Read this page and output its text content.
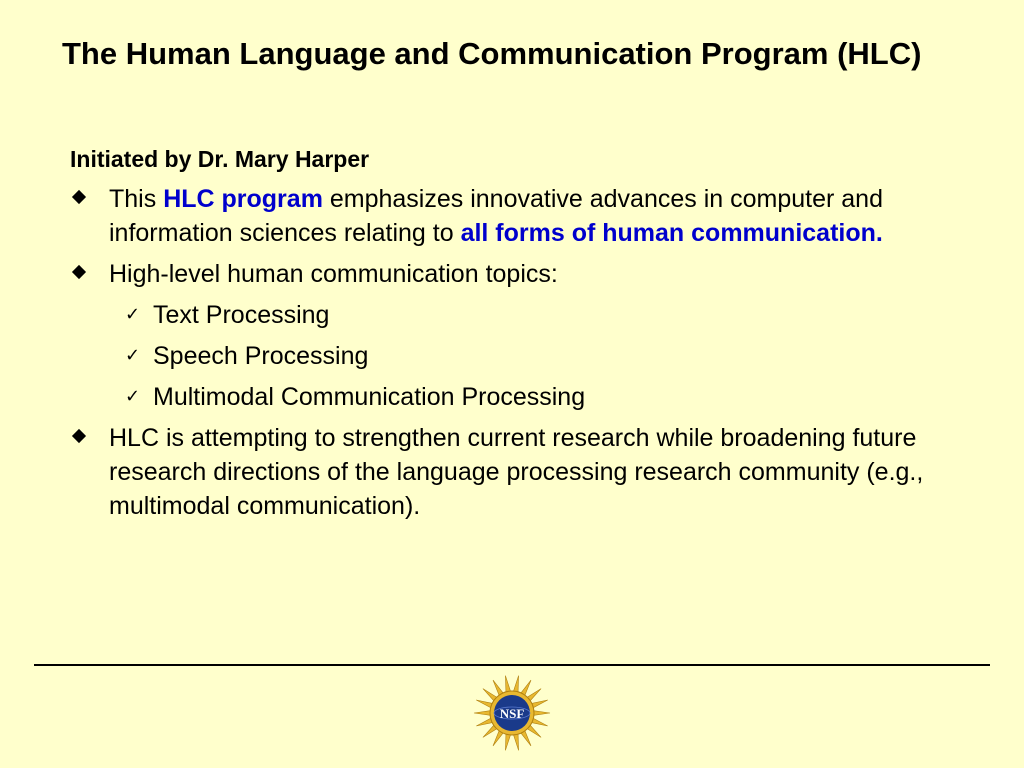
The Human Language and Communication Program (HLC)
Initiated by Dr. Mary Harper
This HLC program emphasizes innovative advances in computer and information sciences relating to all forms of human communication.
High-level human communication topics:
✓ Text Processing
✓ Speech Processing
✓ Multimodal Communication Processing
HLC is attempting to strengthen current research while broadening future research directions of the language processing research community (e.g., multimodal communication).
NSF
